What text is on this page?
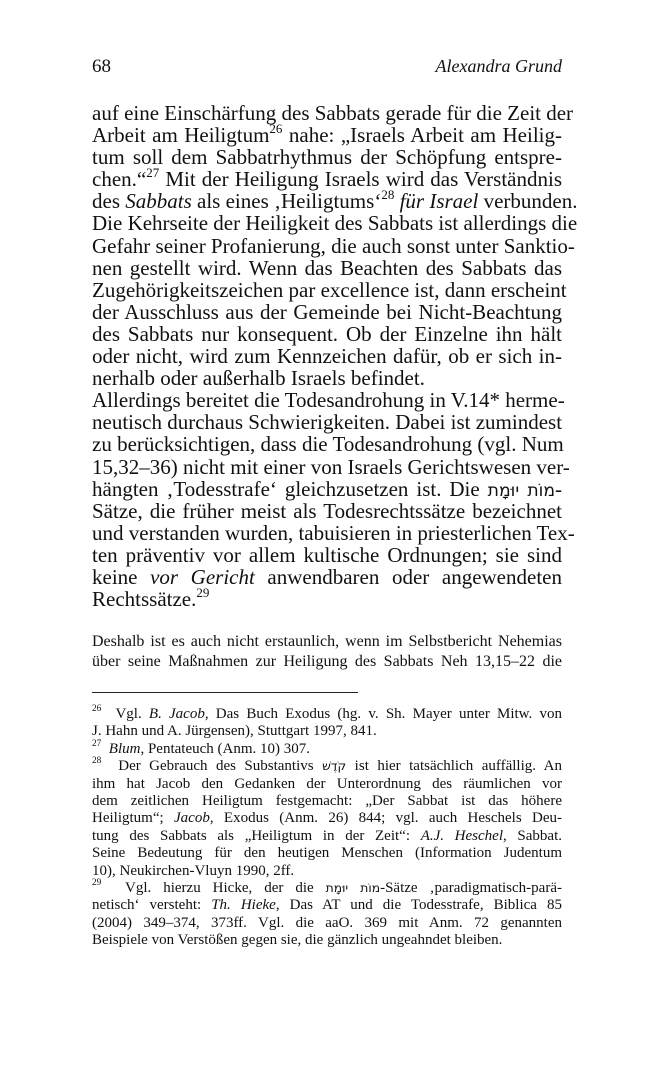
68	Alexandra Grund
auf eine Einschärfung des Sabbats gerade für die Zeit der
Arbeit am Heiligtum$^{26}$ nahe: „Israels Arbeit am Heilig-
tum soll dem Sabbatrhythmus der Schöpfung entspre-
chen.“$^{27}$ Mit der Heiligung Israels wird das Verständnis
des Sabbats als eines ‚Heiligtums‘$^{28}$ für Israel verbunden.
Die Kehrseite der Heiligkeit des Sabbats ist allerdings die
Gefahr seiner Profanierung, die auch sonst unter Sanktio-
nen gestellt wird. Wenn das Beachten des Sabbats das
Zugehörigkeitszeichen par excellence ist, dann erscheint
der Ausschluss aus der Gemeinde bei Nicht-Beachtung
des Sabbats nur konsequent. Ob der Einzelne ihn hält
oder nicht, wird zum Kennzeichen dafür, ob er sich in-
nerhalb oder außerhalb Israels befindet.
Allerdings bereitet die Todesandrohung in V.14* herme-
neutisch durchaus Schwierigkeiten. Dabei ist zumindest
zu berücksichtigen, dass die Todesandrohung (vgl. Num
15,32–36) nicht mit einer von Israels Gerichtswesen ver-
hängten ‚Todesstrafe‘ gleichzusetzen ist. Die מוֹת יוּמָת-
Sätze, die früher meist als Todesrechtssätze bezeichnet
und verstanden wurden, tabuisieren in priesterlichen Tex-
ten präventiv vor allem kultische Ordnungen; sie sind
keine vor Gericht anwendbaren oder angewendeten
Rechtssätze.$^{29}$
Deshalb ist es auch nicht erstaunlich, wenn im Selbstbericht Nehemias
über seine Maßnahmen zur Heiligung des Sabbats Neh 13,15–22 die
$^{26}$ Vgl. B. Jacob, Das Buch Exodus (hg. v. Sh. Mayer unter Mitw. von
J. Hahn und A. Jürgensen), Stuttgart 1997, 841.
$^{27}$ Blum, Pentateuch (Anm. 10) 307.
$^{28}$ Der Gebrauch des Substantivs קֹדֶשׁ ist hier tatsächlich auffällig. An
ihm hat Jacob den Gedanken der Unterordnung des räumlichen vor
dem zeitlichen Heiligtum festgemacht: „Der Sabbat ist das höhere
Heiligtum“; Jacob, Exodus (Anm. 26) 844; vgl. auch Heschels Deu-
tung des Sabbats als „Heiligtum in der Zeit“: A.J. Heschel, Sabbat.
Seine Bedeutung für den heutigen Menschen (Information Judentum
10), Neukirchen-Vluyn 1990, 2ff.
$^{29}$ Vgl. hierzu Hicke, der die מוֹת יוּמָת-Sätze ‚paradigmatisch-parä-
netisch‘ versteht: Th. Hieke, Das AT und die Todesstrafe, Biblica 85
(2004) 349–374, 373ff. Vgl. die aaO. 369 mit Anm. 72 genannten
Beispiele von Verstößen gegen sie, die gänzlich ungeahndet bleiben.
